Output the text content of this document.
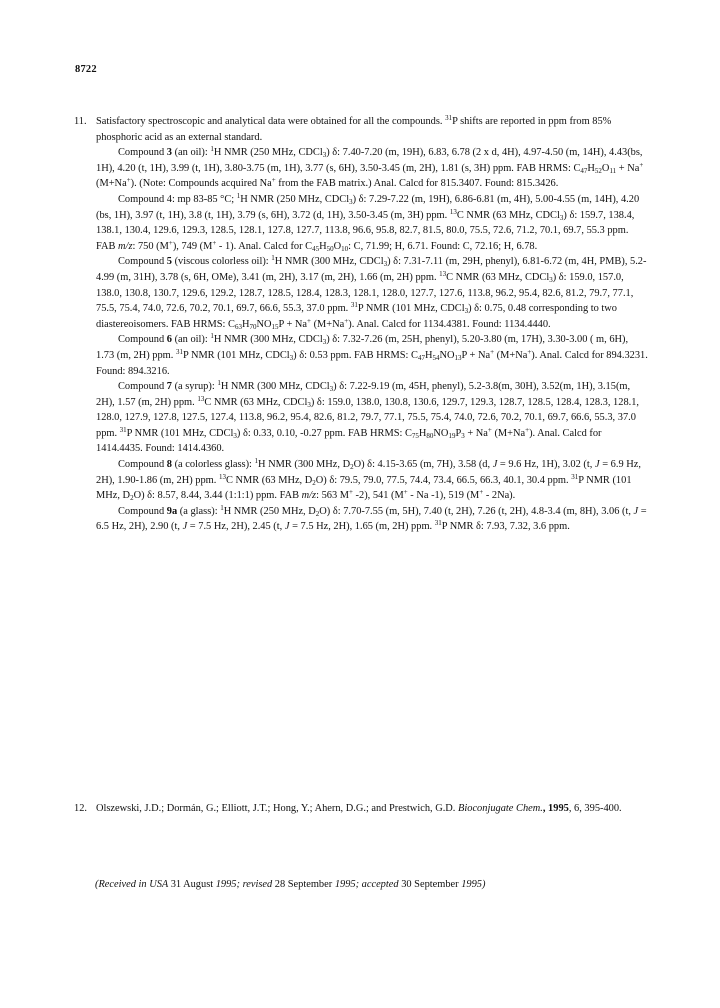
8722
11. Satisfactory spectroscopic and analytical data were obtained for all the compounds. $^{31}$P shifts are reported in ppm from 85% phosphoric acid as an external standard.

Compound 3 (an oil): $^1$H NMR (250 MHz, CDCl$_3$) δ: 7.40-7.20 (m, 19H), 6.83, 6.78 (2 x d, 4H), 4.97-4.50 (m, 14H), 4.43(bs, 1H), 4.20 (t, 1H), 3.99 (t, 1H), 3.80-3.75 (m, 1H), 3.77 (s, 6H), 3.50-3.45 (m, 2H), 1.81 (s, 3H) ppm. FAB HRMS: $C_{47}H_{52}O_{11} + Na^+$ (M+Na+). (Note: Compounds acquired Na+ from the FAB matrix.) Anal. Calcd for 815.3407. Found: 815.3426.

Compound 4: mp 83-85 °C; $^1$H NMR (250 MHz, CDCl$_3$) δ: 7.29-7.22 (m, 19H), 6.86-6.81 (m, 4H), 5.00-4.55 (m, 14H), 4.20 (bs, 1H), 3.97 (t, 1H), 3.8 (t, 1H), 3.79 (s, 6H), 3.72 (d, 1H), 3.50-3.45 (m, 3H) ppm. $^{13}$C NMR (63 MHz, CDCl$_3$) δ: 159.7, 138.4, 138.1, 130.4, 129.6, 129.3, 128.5, 128.1, 127.8, 127.7, 113.8, 96.6, 95.8, 82.7, 81.5, 80.0, 75.5, 72.6, 71.2, 70.1, 69.7, 55.3 ppm. FAB m/z: 750 (M+), 749 (M+ - 1). Anal. Calcd for $C_{45}H_{50}O_{10}$: C, 71.99; H, 6.71. Found: C, 72.16; H, 6.78.

Compound 5 (viscous colorless oil): $^1$H NMR (300 MHz, CDCl$_3$) δ: 7.31-7.11 (m, 29H, phenyl), 6.81-6.72 (m, 4H, PMB), 5.2-4.99 (m, 31H), 3.78 (s, 6H, OMe), 3.41 (m, 2H), 3.17 (m, 2H), 1.66 (m, 2H) ppm. $^{13}$C NMR (63 MHz, CDCl$_3$) δ: 159.0, 157.0, 138.0, 130.8, 130.7, 129.6, 129.2, 128.7, 128.5, 128.4, 128.3, 128.1, 128.0, 127.7, 127.6, 113.8, 96.2, 95.4, 82.6, 81.2, 79.7, 77.1, 75.5, 75.4, 74.0, 72.6, 70.2, 70.1, 69.7, 66.6, 55.3, 37.0 ppm. $^{31}$P NMR (101 MHz, CDCl$_3$) δ: 0.75, 0.48 corresponding to two diastereoisomers. FAB HRMS: $C_{63}H_{70}NO_{15}P + Na^+$ (M+Na+). Anal. Calcd for 1134.4381. Found: 1134.4440.

Compound 6 (an oil): $^1$H NMR (300 MHz, CDCl$_3$) δ: 7.32-7.26 (m, 25H, phenyl), 5.20-3.80 (m, 17H), 3.30-3.00 ( m, 6H), 1.73 (m, 2H) ppm. $^{31}$P NMR (101 MHz, CDCl$_3$) δ: 0.53 ppm. FAB HRMS: $C_{47}H_{54}NO_{13}P + Na^+$ (M+Na+). Anal. Calcd for 894.3231. Found: 894.3216.

Compound 7 (a syrup): $^1$H NMR (300 MHz, CDCl$_3$) δ: 7.22-9.19 (m, 45H, phenyl), 5.2-3.8(m, 30H), 3.52(m, 1H), 3.15(m, 2H), 1.57 (m, 2H) ppm. $^{13}$C NMR (63 MHz, CDCl$_3$) δ: 159.0, 138.0, 130.8, 130.6, 129.7, 129.3, 128.7, 128.5, 128.4, 128.3, 128.1, 128.0, 127.9, 127.8, 127.5, 127.4, 113.8, 96.2, 95.4, 82.6, 81.2, 79.7, 77.1, 75.5, 75.4, 74.0, 72.6, 70.2, 70.1, 69.7, 66.6, 55.3, 37.0 ppm. $^{31}$P NMR (101 MHz, CDCl$_3$) δ: 0.33, 0.10, -0.27 ppm. FAB HRMS: $C_{75}H_{80}NO_{19}P_3 + Na^+$ (M+Na+). Anal. Calcd for 1414.4435. Found: 1414.4360.

Compound 8 (a colorless glass): $^1$H NMR (300 MHz, $D_2O$) δ: 4.15-3.65 (m, 7H), 3.58 (d, J = 9.6 Hz, 1H), 3.02 (t, J = 6.9 Hz, 2H), 1.90-1.86 (m, 2H) ppm. $^{13}$C NMR (63 MHz, $D_2O$) δ: 79.5, 79.0, 77.5, 74.4, 73.4, 66.5, 66.3, 40.1, 30.4 ppm. $^{31}$P NMR (101 MHz, $D_2O$) δ: 8.57, 8.44, 3.44 (1:1:1) ppm. FAB m/z: 563 M+ -2), 541 (M+ - Na -1), 519 (M+ - 2Na).

Compound 9a (a glass): $^1$H NMR (250 MHz, $D_2O$) δ: 7.70-7.55 (m, 5H), 7.40 (t, 2H), 7.26 (t, 2H), 4.8-3.4 (m, 8H), 3.06 (t, J = 6.5 Hz, 2H), 2.90 (t, J = 7.5 Hz, 2H), 2.45 (t, J = 7.5 Hz, 2H), 1.65 (m, 2H) ppm. $^{31}$P NMR δ: 7.93, 7.32, 3.6 ppm.

12. Olszewski, J.D.; Dormán, G.; Elliott, J.T.; Hong, Y.; Ahern, D.G.; and Prestwich, G.D. Bioconjugate Chem., 1995, 6, 395-400.

(Received in USA 31 August 1995; revised 28 September 1995; accepted 30 September 1995)
